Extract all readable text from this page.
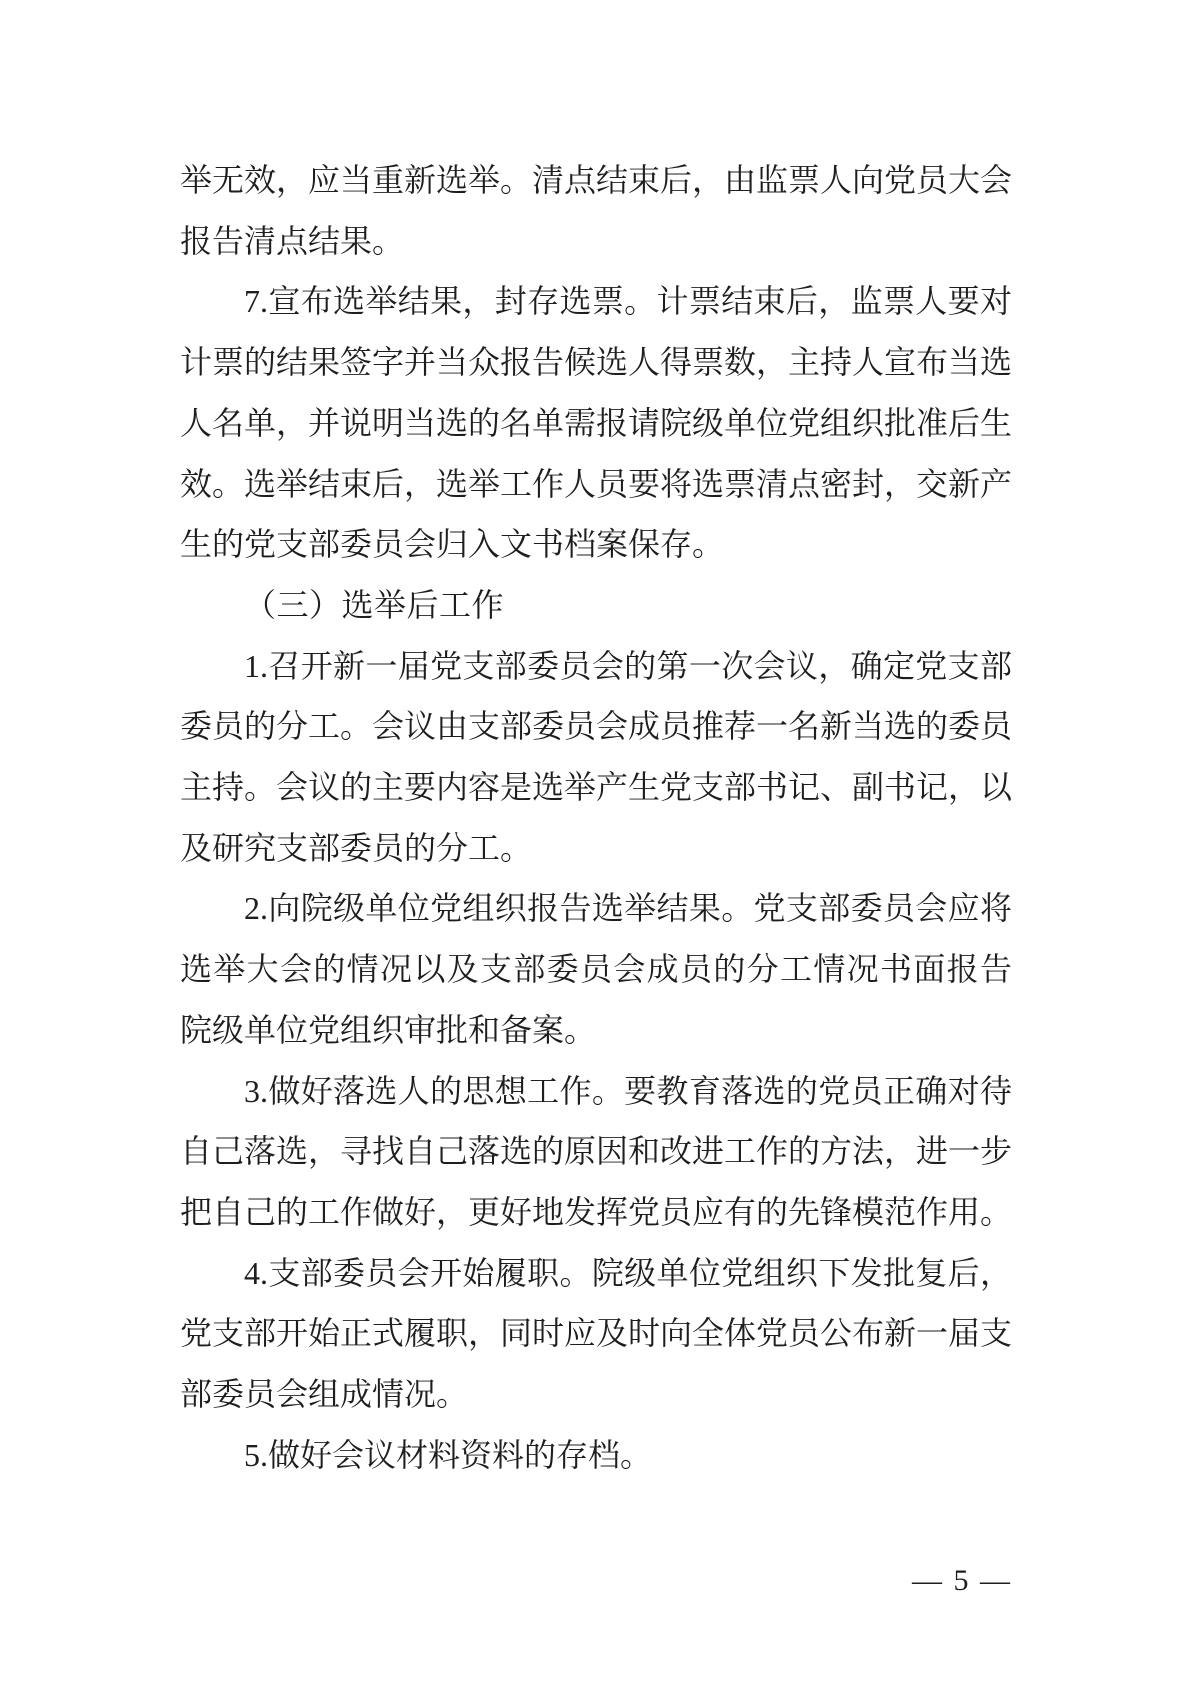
举无效，应当重新选举。清点结束后，由监票人向党员大会
报告清点结果。
7.宣布选举结果，封存选票。计票结束后，监票人要对
计票的结果签字并当众报告候选人得票数，主持人宣布当选
人名单，并说明当选的名单需报请院级单位党组织批准后生
效。选举结束后，选举工作人员要将选票清点密封，交新产
生的党支部委员会归入文书档案保存。
（三）选举后工作
1.召开新一届党支部委员会的第一次会议，确定党支部
委员的分工。会议由支部委员会成员推荐一名新当选的委员
主持。会议的主要内容是选举产生党支部书记、副书记，以
及研究支部委员的分工。
2.向院级单位党组织报告选举结果。党支部委员会应将
选举大会的情况以及支部委员会成员的分工情况书面报告
院级单位党组织审批和备案。
3.做好落选人的思想工作。要教育落选的党员正确对待
自己落选，寻找自己落选的原因和改进工作的方法，进一步
把自己的工作做好，更好地发挥党员应有的先锋模范作用。
4.支部委员会开始履职。院级单位党组织下发批复后，
党支部开始正式履职，同时应及时向全体党员公布新一届支
部委员会组成情况。
5.做好会议材料资料的存档。
— 5 —
